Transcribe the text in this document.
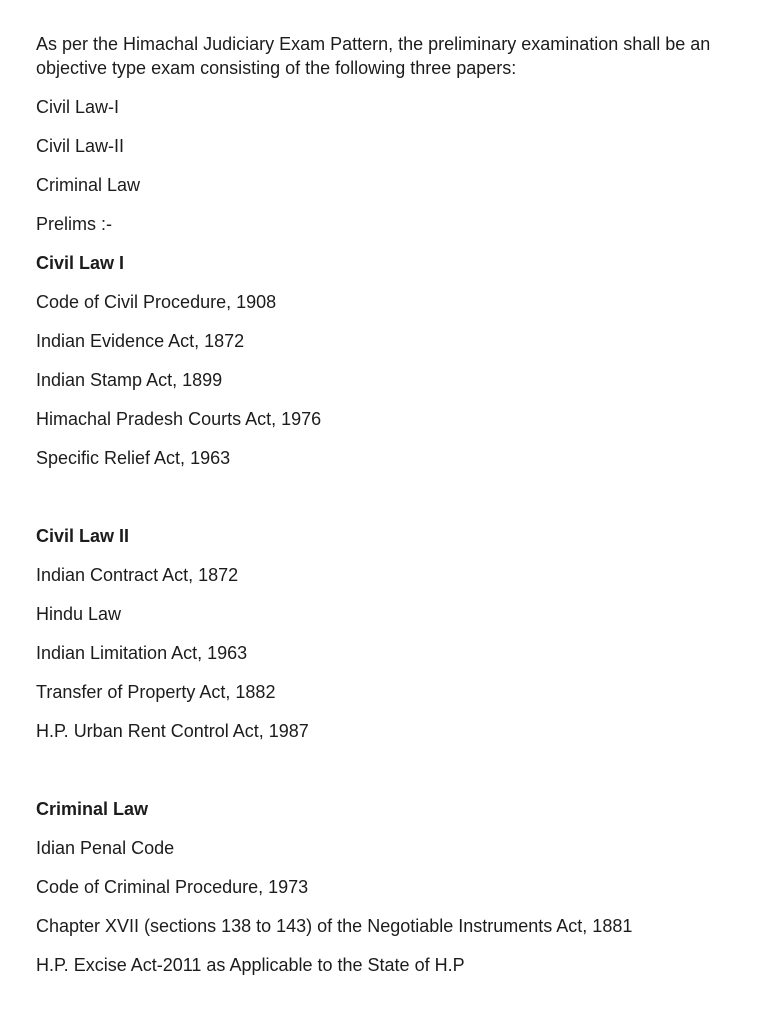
As per the Himachal Judiciary Exam Pattern, the preliminary examination shall be an objective type exam consisting of the following three papers:

Civil Law-I
Civil Law-II
Criminal Law
Prelims :-
Civil Law I
Code of Civil Procedure, 1908
Indian Evidence Act, 1872
Indian Stamp Act, 1899
Himachal Pradesh Courts Act, 1976
Specific Relief Act, 1963
Civil Law II
Indian Contract Act, 1872
Hindu Law
Indian Limitation Act, 1963
Transfer of Property Act, 1882
H.P. Urban Rent Control Act, 1987
Criminal Law
Idian Penal Code
Code of Criminal Procedure, 1973
Chapter XVII (sections 138 to 143) of the Negotiable Instruments Act, 1881
H.P. Excise Act-2011 as Applicable to the State of H.P
